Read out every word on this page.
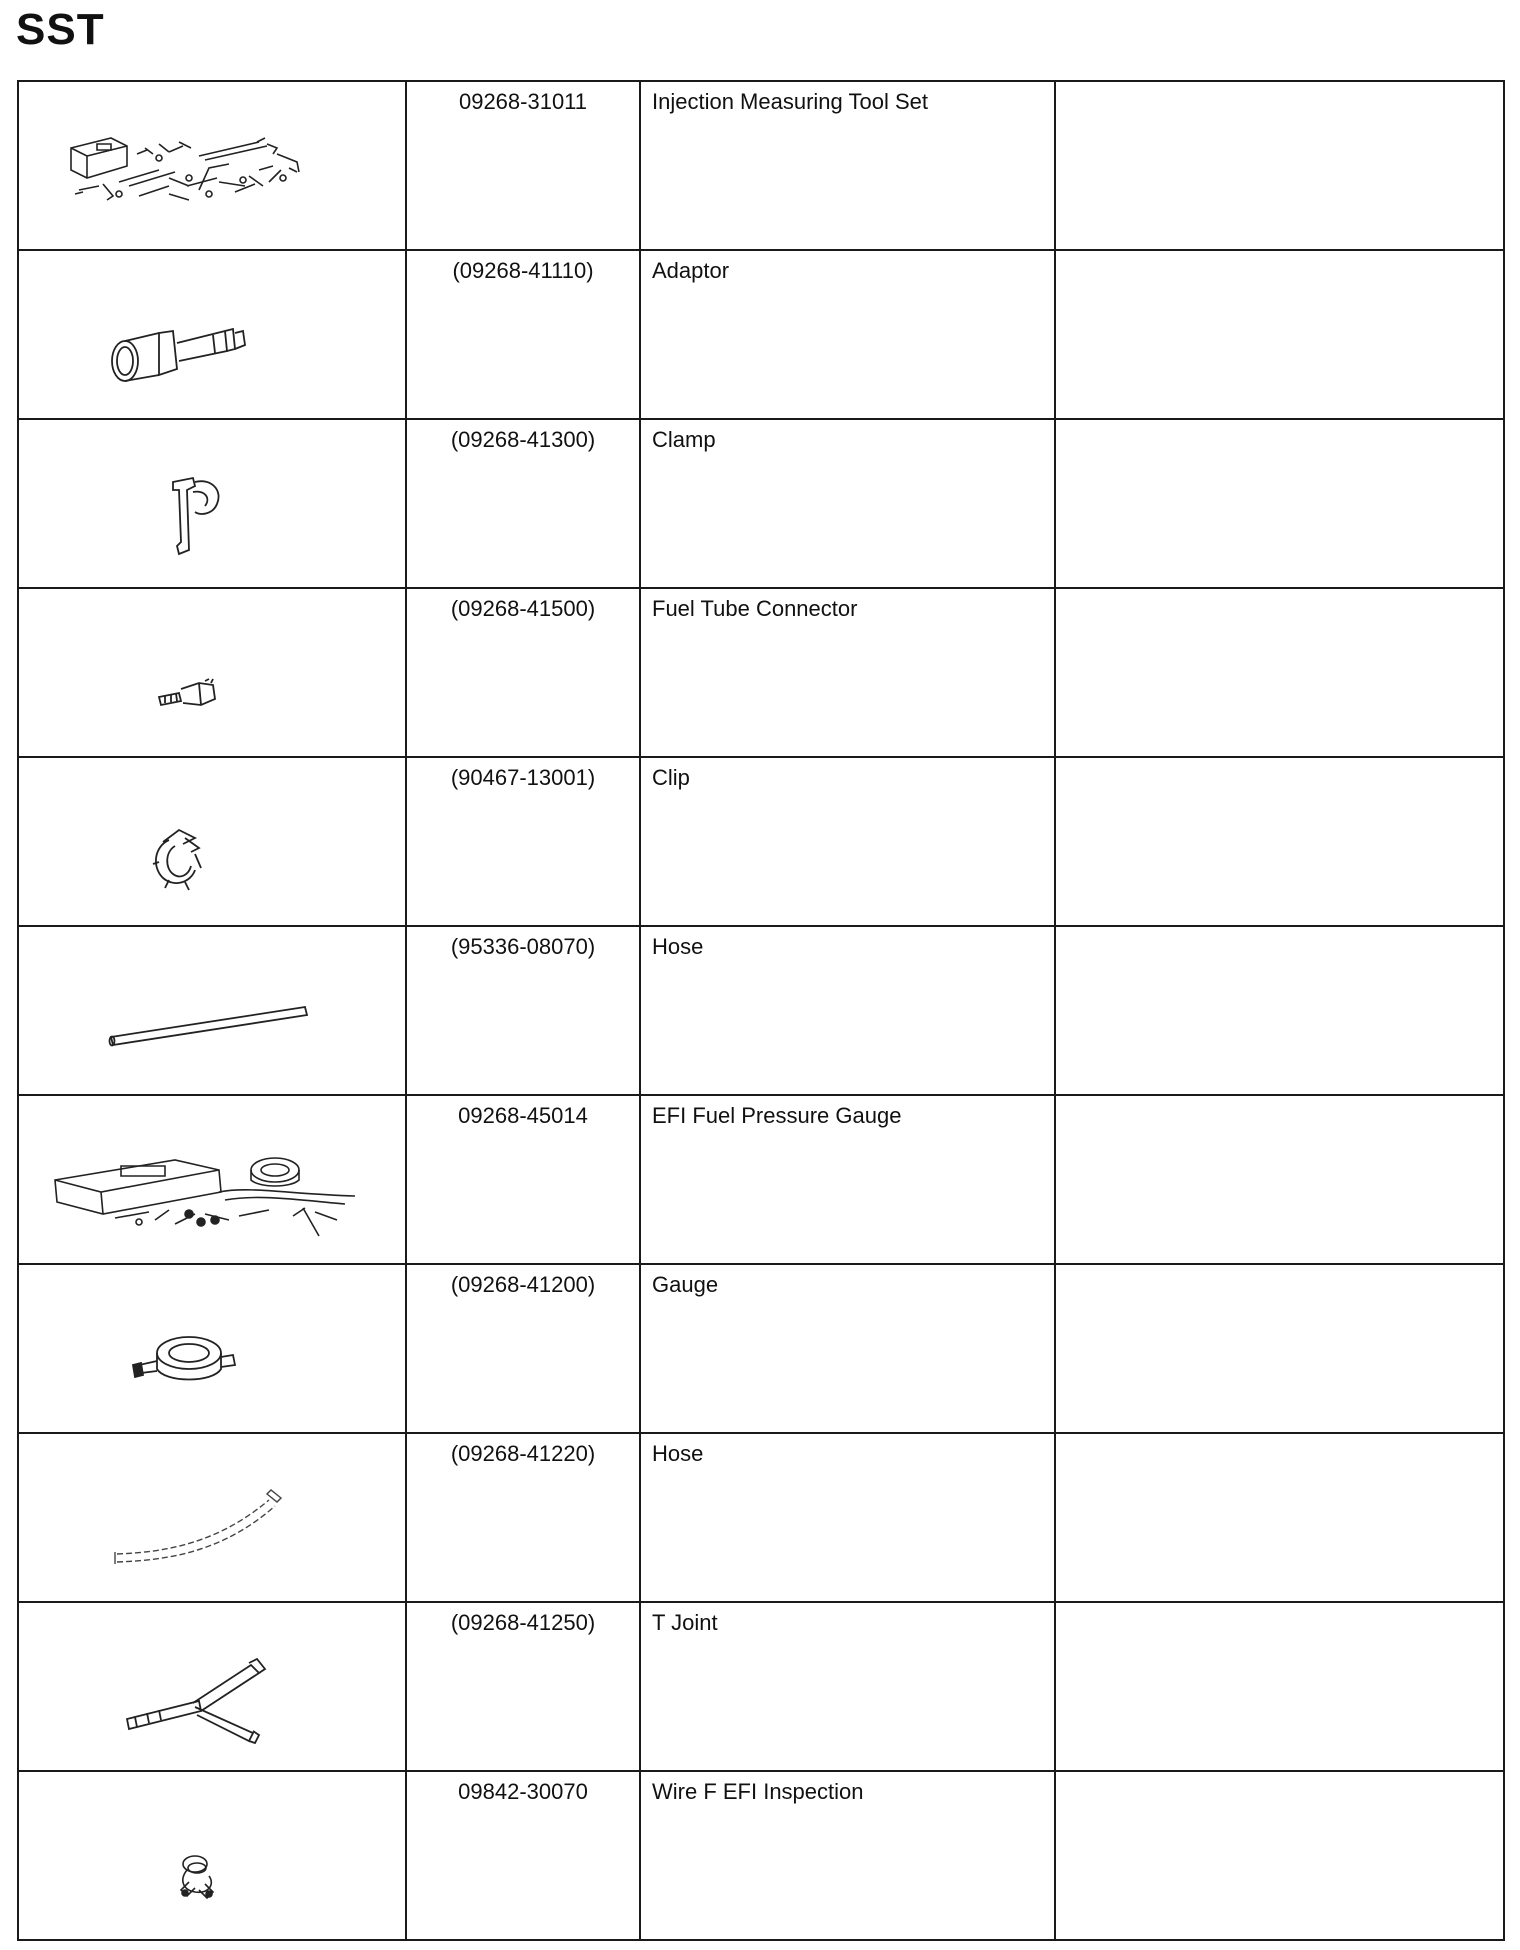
SST
	09268-31011	Injection Measuring Tool Set	

	(09268-41110)	Adaptor	

	(09268-41300)	Clamp	

	(09268-41500)	Fuel Tube Connector	

	(90467-13001)	Clip	

	(95336-08070)	Hose	

	09268-45014	EFI Fuel Pressure Gauge	

	(09268-41200)	Gauge	

	(09268-41220)	Hose	

	(09268-41250)	T Joint	

	09842-30070	Wire F EFI Inspection	
